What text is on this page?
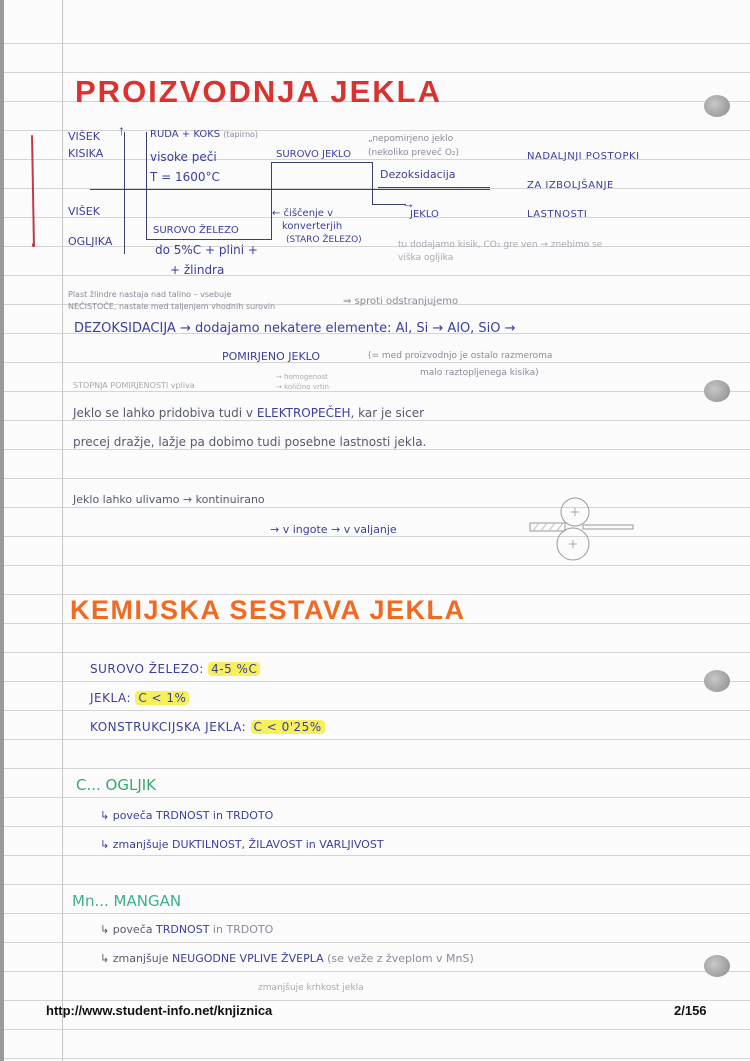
PROIZVODNJA JEKLA
VIŠEK
KISIKA
VIŠEK
OGLJIKA
↑
→
RUDA + KOKS (tapirno)
visoke peči
T = 1600°C
SUROVO ŽELEZO
do 5%C + plini +
+ žlindra
SUROVO JEKLO
← čiščenje v
konverterjih
(STARO ŽELEZO)
„nepomirjeno jeklo
(nekoliko preveč O₂)
Dezoksidacija
JEKLO
NADALJNJI POSTOPKI
ZA IZBOLJŠANJE
LASTNOSTI
tu dodajamo kisik, CO₂ gre ven → znebimo se
viška ogljika
Plast žlindre nastaja nad talino – vsebuje
NEČISTOČE, nastale med taljenjem vhodnih surovin	⇒ sproti odstranjujemo
DEZOKSIDACIJA → dodajamo nekatere elemente: Al, Si → AlO, SiO →
POMIRJENO JEKLO	(= med proizvodnjo je ostalo razmeroma
malo raztopljenega kisika)
STOPNJA POMIRJENOSTI vpliva
→ homogenost
→ količino vrtin
Jeklo se lahko pridobiva tudi v ELEKTROPEČEH, kar je sicer
precej dražje, lažje pa dobimo tudi posebne lastnosti jekla.
Jeklo lahko ulivamo → kontinuirano
→ v ingote → v valjanje
KEMIJSKA SESTAVA JEKLA
SUROVO ŽELEZO: 4-5 %C
JEKLA: C < 1%
KONSTRUKCIJSKA JEKLA: C < 0'25%
C... OGLJIK
↳ poveča TRDNOST in TRDOTO
↳ zmanjšuje DUKTILNOST, ŽILAVOST in VARLJIVOST
Mn... MANGAN
↳ poveča TRDNOST in TRDOTO
↳ zmanjšuje NEUGODNE VPLIVE ŽVEPLA (se veže z žveplom v MnS)
zmanjšuje krhkost jekla
http://www.student-info.net/knjiznica	2/156
